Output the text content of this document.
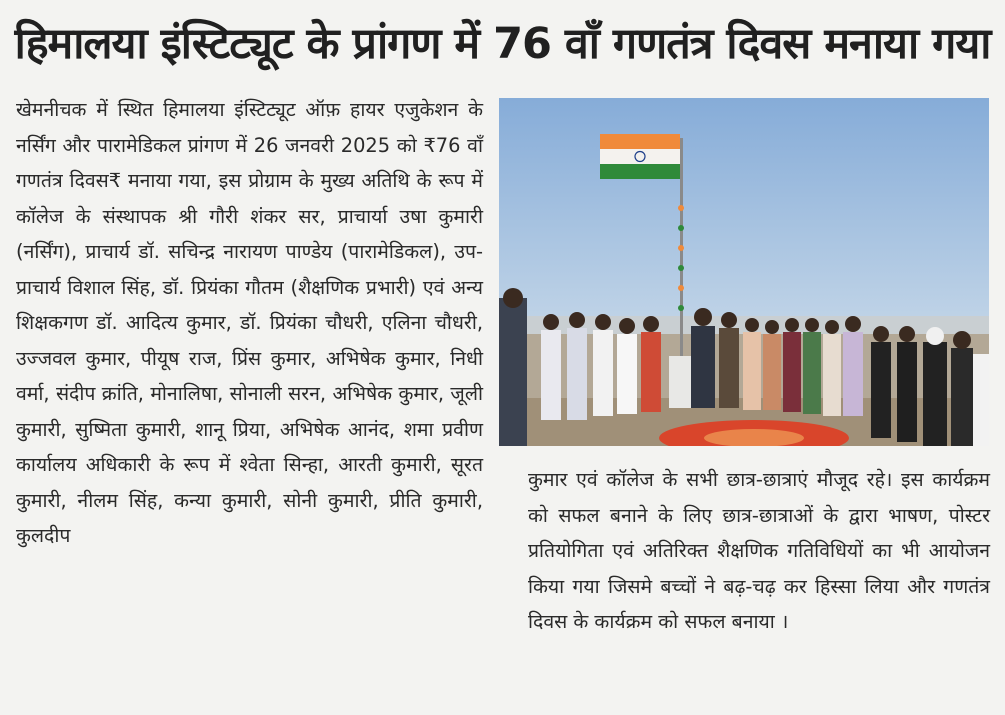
हिमालया इंस्टिट्यूट के प्रांगण में 76 वाँ गणतंत्र दिवस मनाया गया
खेमनीचक में स्थित हिमालया इंस्टिट्यूट ऑफ़ हायर एजुकेशन के नर्सिंग और पारामेडिकल प्रांगण में 26 जनवरी 2025 को ₹76 वाँ गणतंत्र दिवस₹ मनाया गया, इस प्रोग्राम के मुख्य अतिथि के रूप में कॉलेज के संस्थापक श्री गौरी शंकर सर, प्राचार्या उषा कुमारी (नर्सिंग), प्राचार्य डॉ. सचिन्द्र नारायण पाण्डेय (पारामेडिकल), उप-प्राचार्य विशाल सिंह, डॉ. प्रियंका गौतम (शैक्षणिक प्रभारी) एवं अन्य शिक्षकगण डॉ. आदित्य कुमार, डॉ. प्रियंका चौधरी, एलिना चौधरी, उज्जवल कुमार, पीयूष राज, प्रिंस कुमार, अभिषेक कुमार, निधी वर्मा, संदीप क्रांति, मोनालिषा, सोनाली सरन, अभिषेक कुमार, जूली कुमारी, सुष्मिता कुमारी, शानू प्रिया, अभिषेक आनंद, शमा प्रवीण कार्यालय अधिकारी के रूप में श्वेता सिन्हा, आरती कुमारी, सूरत कुमारी, नीलम सिंह, कन्या कुमारी, सोनी कुमारी, प्रीति कुमारी, कुलदीप
कुमार एवं कॉलेज के सभी छात्र-छात्राएं मौजूद रहे। इस कार्यक्रम को सफल बनाने के लिए छात्र-छात्राओं के द्वारा भाषण, पोस्टर प्रतियोगिता एवं अतिरिक्त शैक्षणिक गतिविधियों का भी आयोजन किया गया जिसमे बच्चों ने बढ़-चढ़ कर हिस्सा लिया और गणतंत्र दिवस के कार्यक्रम को सफल बनाया ।
